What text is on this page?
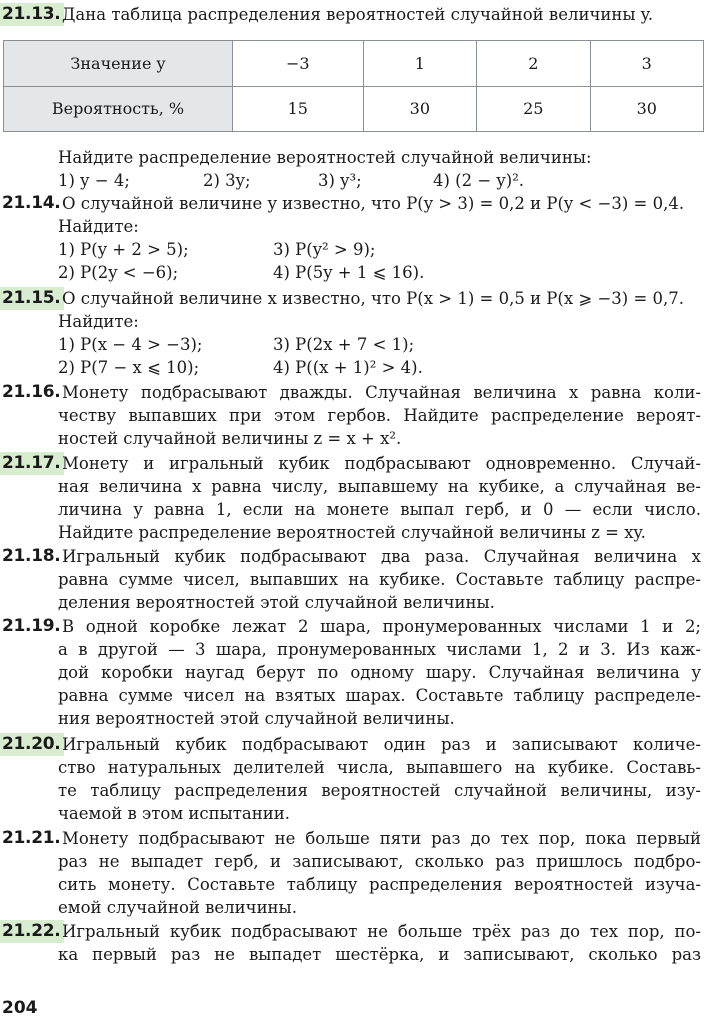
21.13. Дана таблица распределения вероятностей случайной величины y.
Значение y	−3	1	2	3
Вероятность, %	15	30	25	30
Найдите распределение вероятностей случайной величины:
1) y − 4;	2) 3y;	3) y³;	4) (2 − y)².
21.14. О случайной величине y известно, что P(y > 3) = 0,2 и P(y < −3) = 0,4.
Найдите:
1) P(y + 2 > 5);	3) P(y² > 9);
2) P(2y < −6);	4) P(5y + 1 ⩽ 16).
21.15. О случайной величине x известно, что P(x > 1) = 0,5 и P(x ⩾ −3) = 0,7.
Найдите:
1) P(x − 4 > −3);	3) P(2x + 7 < 1);
2) P(7 − x ⩽ 10);	4) P((x + 1)² > 4).
21.16. Монету подбрасывают дважды. Случайная величина x равна коли-
честву выпавших при этом гербов. Найдите распределение вероят-
ностей случайной величины z = x + x².
21.17. Монету и игральный кубик подбрасывают одновременно. Случай-
ная величина x равна числу, выпавшему на кубике, а случайная ве-
личина y равна 1, если на монете выпал герб, и 0 — если число.
Найдите распределение вероятностей случайной величины z = xy.
21.18. Игральный кубик подбрасывают два раза. Случайная величина x
равна сумме чисел, выпавших на кубике. Составьте таблицу распре-
деления вероятностей этой случайной величины.
21.19. В одной коробке лежат 2 шара, пронумерованных числами 1 и 2;
а в другой — 3 шара, пронумерованных числами 1, 2 и 3. Из каж-
дой коробки наугад берут по одному шару. Случайная величина y
равна сумме чисел на взятых шарах. Составьте таблицу распределе-
ния вероятностей этой случайной величины.
21.20. Игральный кубик подбрасывают один раз и записывают количе-
ство натуральных делителей числа, выпавшего на кубике. Составь-
те таблицу распределения вероятностей случайной величины, изу-
чаемой в этом испытании.
21.21. Монету подбрасывают не больше пяти раз до тех пор, пока первый
раз не выпадет герб, и записывают, сколько раз пришлось подбро-
сить монету. Составьте таблицу распределения вероятностей изуча-
емой случайной величины.
21.22. Игральный кубик подбрасывают не больше трёх раз до тех пор, по-
ка первый раз не выпадет шестёрка, и записывают, сколько раз
204
